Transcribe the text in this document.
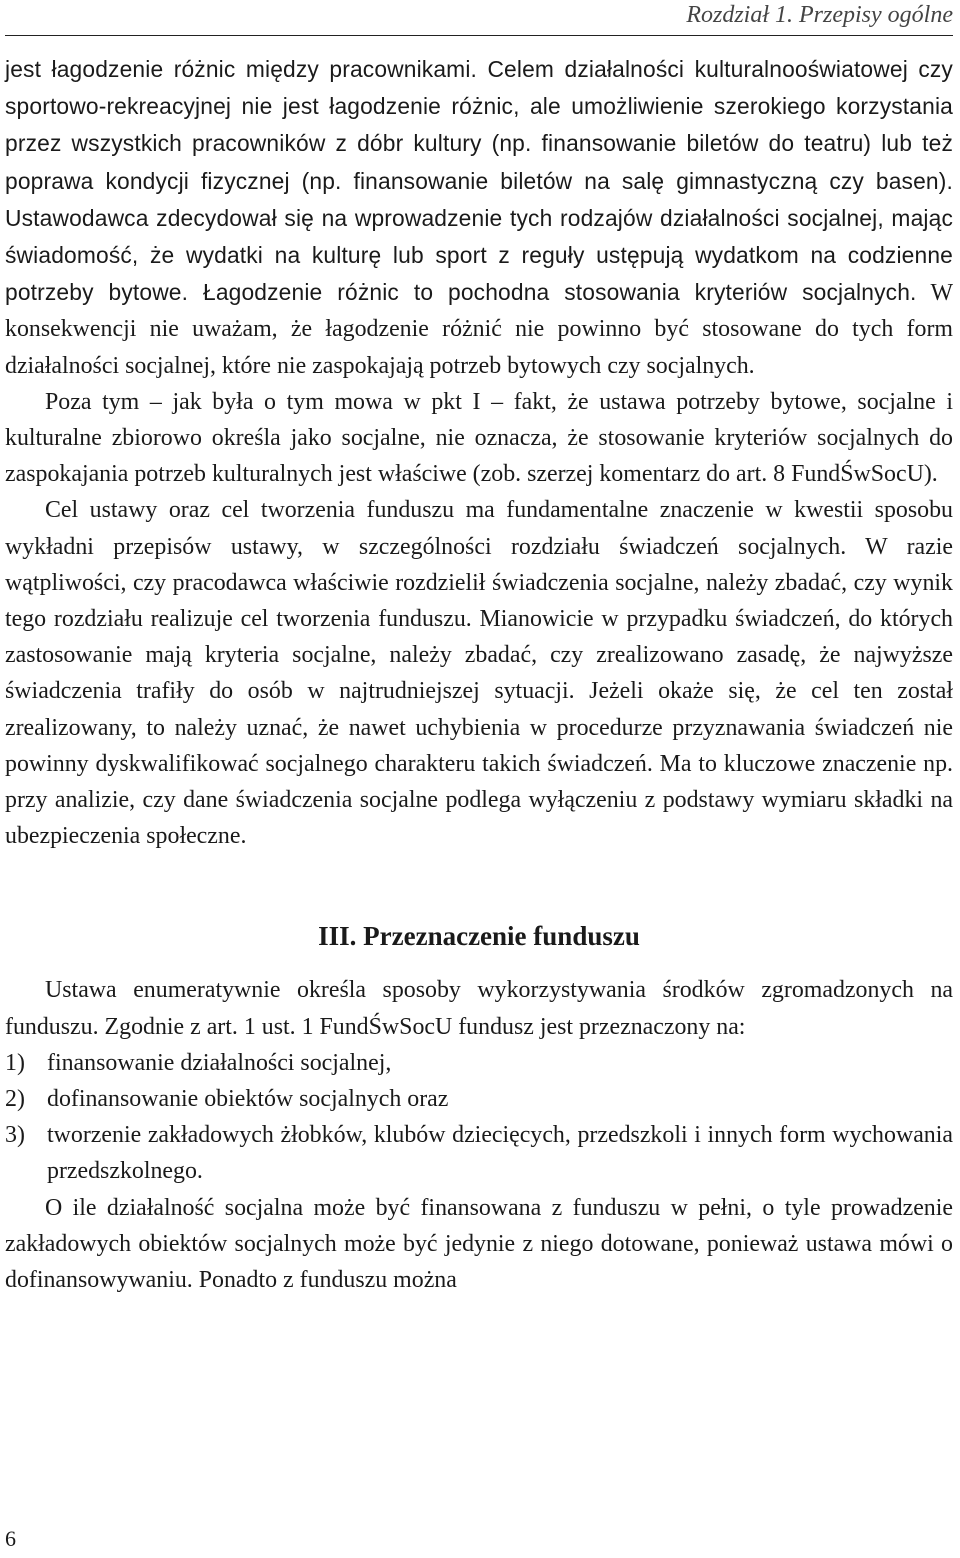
Rozdział 1. Przepisy ogólne

jest łagodzenie różnic między pracownikami. Celem działalności kulturalnooświatowej czy sportowo-rekreacyjnej nie jest łagodzenie różnic, ale umożliwienie szerokiego korzystania przez wszystkich pracowników z dóbr kultury (np. finansowanie biletów do teatru) lub też poprawa kondycji fizycznej (np. finansowanie biletów na salę gimnastyczną czy basen). Ustawodawca zdecydował się na wprowadzenie tych rodzajów działalności socjalnej, mając świadomość, że wydatki na kulturę lub sport z reguły ustępują wydatkom na codzienne potrzeby bytowe. Łagodzenie różnic to pochodna stosowania kryteriów socjalnych. W konsekwencji nie uważam, że łagodzenie różnić nie powinno być stosowane do tych form działalności socjalnej, które nie zaspokajają potrzeb bytowych czy socjalnych.

Poza tym – jak była o tym mowa w pkt I – fakt, że ustawa potrzeby bytowe, socjalne i kulturalne zbiorowo określa jako socjalne, nie oznacza, że stosowanie kryteriów socjalnych do zaspokajania potrzeb kulturalnych jest właściwe (zob. szerzej komentarz do art. 8 FundŚwSocU).

Cel ustawy oraz cel tworzenia funduszu ma fundamentalne znaczenie w kwestii sposobu wykładni przepisów ustawy, w szczególności rozdziału świadczeń socjalnych. W razie wątpliwości, czy pracodawca właściwie rozdzielił świadczenia socjalne, należy zbadać, czy wynik tego rozdziału realizuje cel tworzenia funduszu. Mianowicie w przypadku świadczeń, do których zastosowanie mają kryteria socjalne, należy zbadać, czy zrealizowano zasadę, że najwyższe świadczenia trafiły do osób w najtrudniejszej sytuacji. Jeżeli okaże się, że cel ten został zrealizowany, to należy uznać, że nawet uchybienia w procedurze przyznawania świadczeń nie powinny dyskwalifikować socjalnego charakteru takich świadczeń. Ma to kluczowe znaczenie np. przy analizie, czy dane świadczenia socjalne podlega wyłączeniu z podstawy wymiaru składki na ubezpieczenia społeczne.

III. Przeznaczenie funduszu

Ustawa enumeratywnie określa sposoby wykorzystywania środków zgromadzonych na funduszu. Zgodnie z art. 1 ust. 1 FundŚwSocU fundusz jest przeznaczony na:

1) finansowanie działalności socjalnej,
2) dofinansowanie obiektów socjalnych oraz
3) tworzenie zakładowych żłobków, klubów dziecięcych, przedszkoli i innych form wychowania przedszkolnego.

O ile działalność socjalna może być finansowana z funduszu w pełni, o tyle prowadzenie zakładowych obiektów socjalnych może być jedynie z niego dotowane, ponieważ ustawa mówi o dofinansowywaniu. Ponadto z funduszu można

6
